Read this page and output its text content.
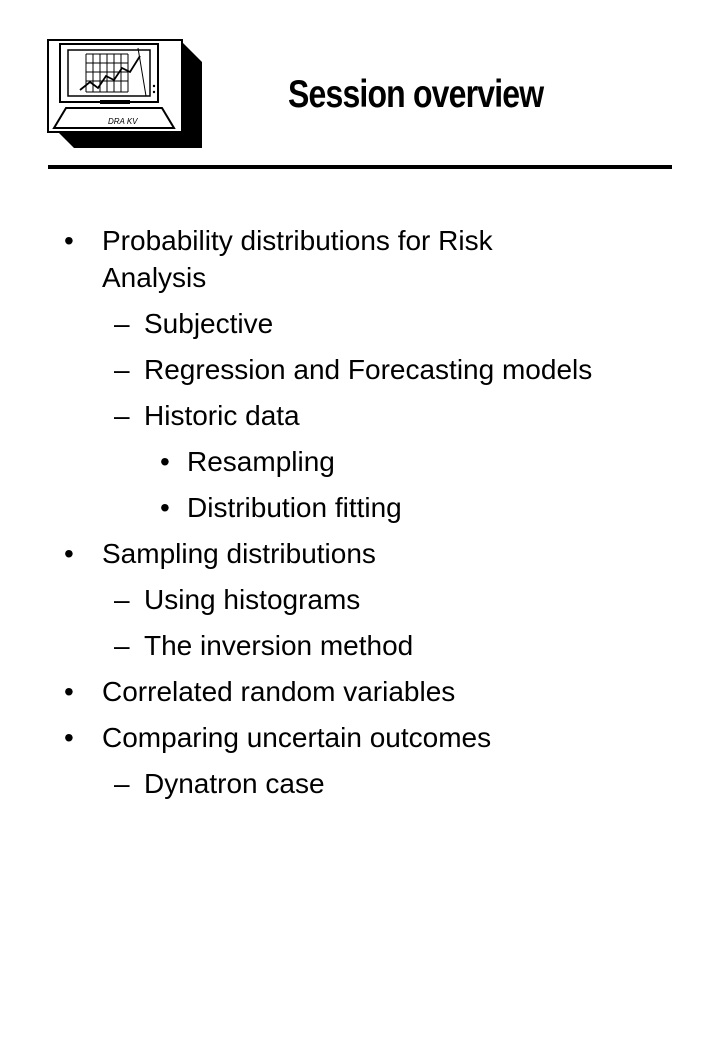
DRA KV
Session overview
• Probability distributions for Risk Analysis
– Subjective
– Regression and Forecasting models
– Historic data
• Resampling
• Distribution fitting
• Sampling distributions
– Using histograms
– The inversion method
• Correlated random variables
• Comparing uncertain outcomes
– Dynatron case
